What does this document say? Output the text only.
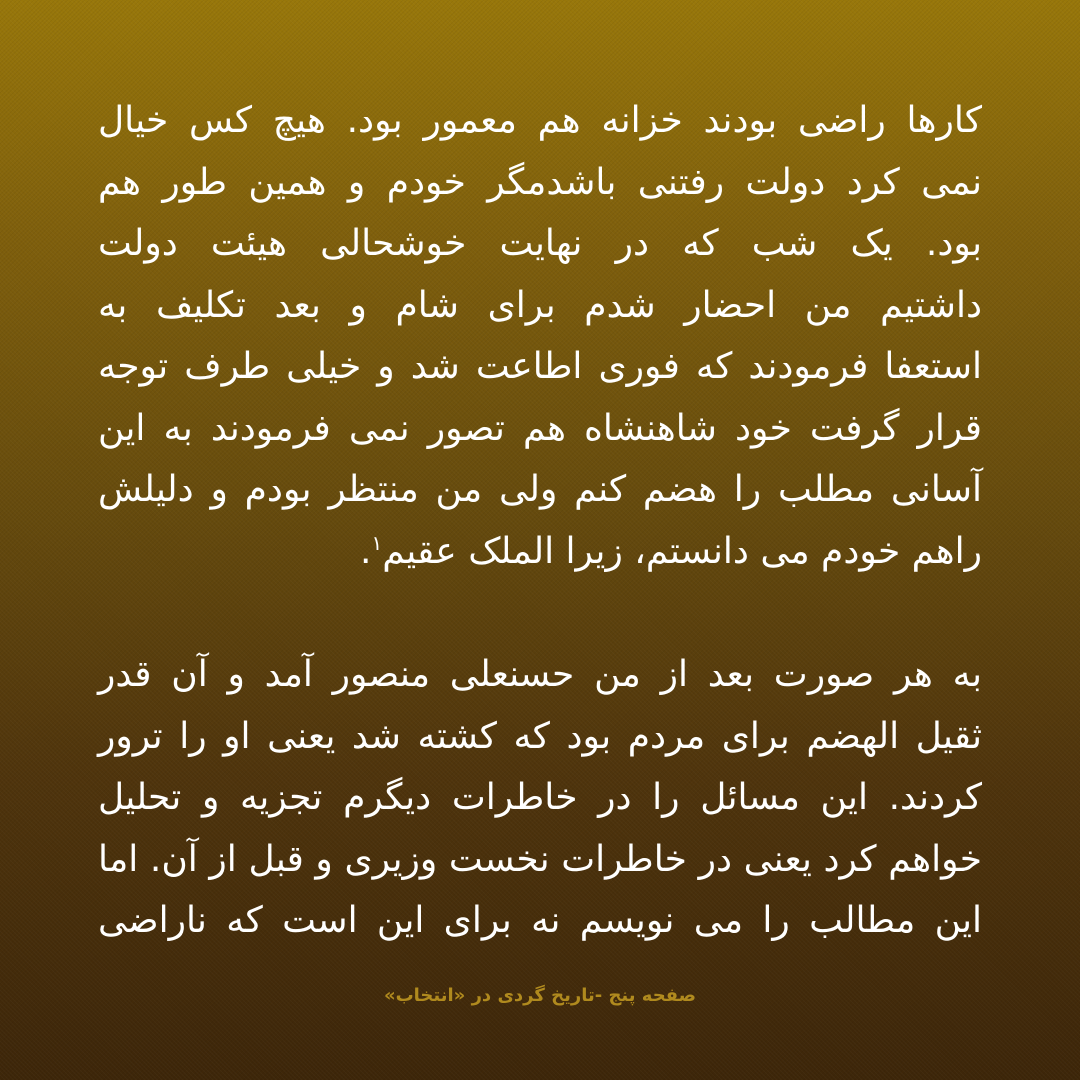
کارها راضی بودند خزانه هم معمور بود. هیچ کس خیال
نمی کرد دولت رفتنی باشدمگر خودم و همین طور هم
بود. یک شب که در نهایت خوشحالی هیئت دولت
داشتیم من احضار شدم برای شام و بعد تکلیف به
استعفا فرمودند که فوری اطاعت شد و خیلی طرف توجه
قرار گرفت خود شاهنشاه هم تصور نمی فرمودند به این
آسانی مطلب را هضم کنم ولی من منتظر بودم و دلیلش
راهم خودم می دانستم، زیرا الملک عقیم$^۱$.
به هر صورت بعد از من حسنعلی منصور آمد و آن قدر
ثقیل الهضم برای مردم بود که کشته شد یعنی او را ترور
کردند. این مسائل را در خاطرات دیگرم تجزیه و تحلیل
خواهم کرد یعنی در خاطرات نخست وزیری و قبل از آن. اما
این مطالب را می نویسم نه برای این است که ناراضی
صفحه پنج -تاریخ گردی در «انتخاب»
